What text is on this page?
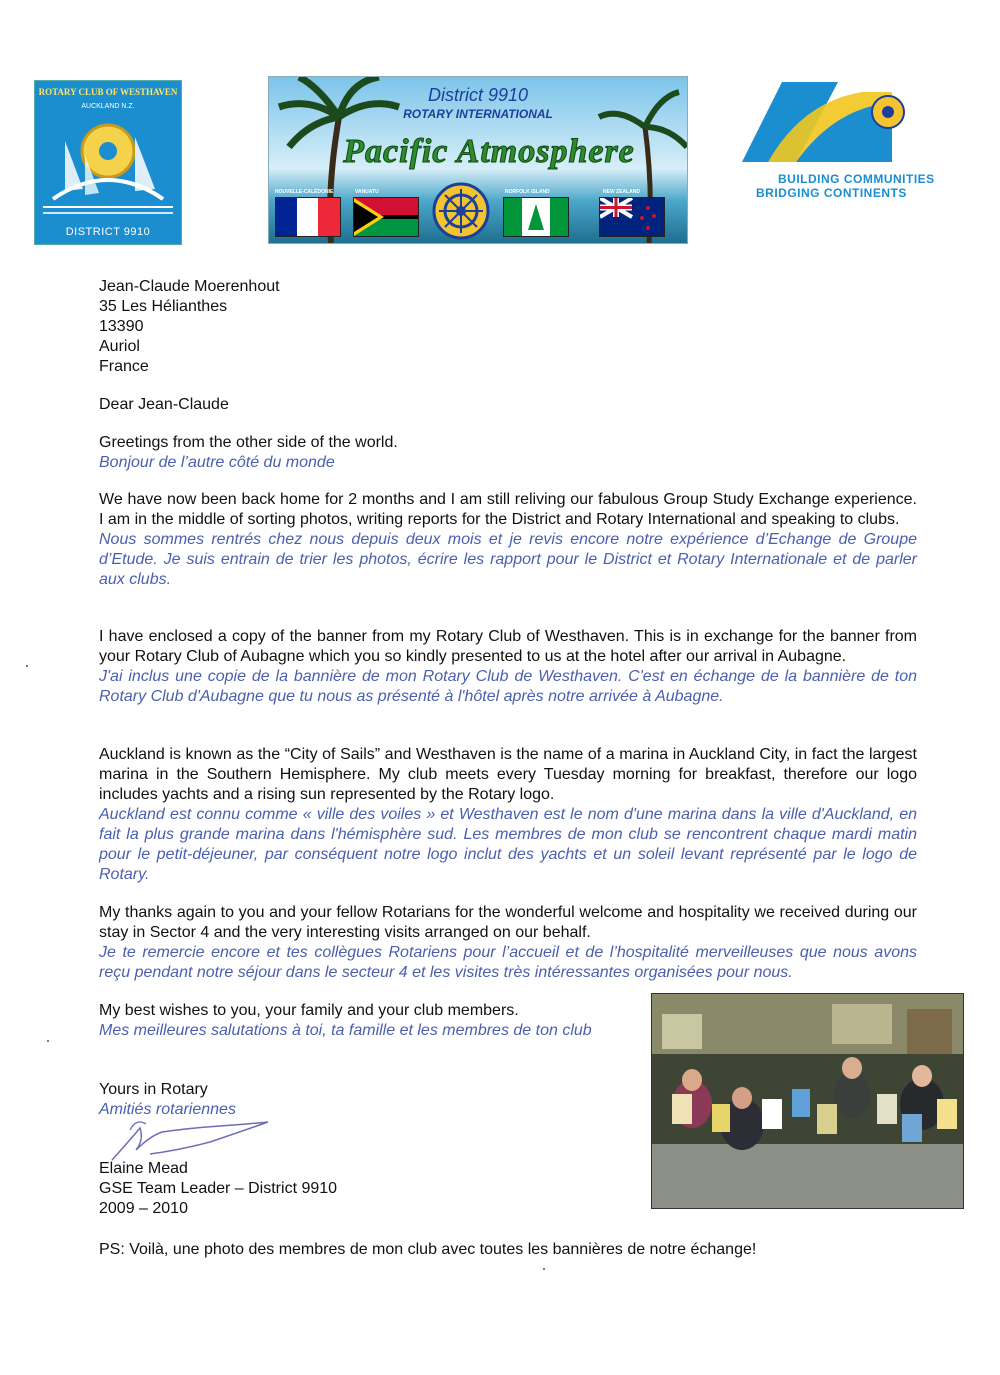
ROTARY CLUB OF WESTHAVEN
AUCKLAND N.Z.
DISTRICT 9910
District 9910
ROTARY INTERNATIONAL
Pacific Atmosphere
NOUVELLE-CALÉDONIE	VANUATU	NORFOLK ISLAND	NEW ZEALAND
BUILDING COMMUNITIES
BRIDGING CONTINENTS
Jean-Claude Moerenhout
35 Les Hélianthes
13390
Auriol
France
Dear Jean-Claude
Greetings from the other side of the world.
Bonjour de l’autre côté du monde
We have now been back home for 2 months and I am still reliving our fabulous Group Study Exchange experience. I am in the middle of sorting photos, writing reports for the District and Rotary International and speaking to clubs.
Nous sommes rentrés chez nous depuis deux mois et je revis encore notre expérience d’Echange de Groupe d’Etude. Je suis entrain de trier les photos, écrire les rapport pour le District et Rotary Internationale et de parler aux clubs.
I have enclosed a copy of the banner from my Rotary Club of Westhaven. This is in exchange for the banner from your Rotary Club of Aubagne which you so kindly presented to us at the hotel after our arrival in Aubagne.
J'ai inclus une copie de la bannière de mon Rotary Club de Westhaven. C'est en échange de la bannière de ton Rotary Club d'Aubagne que tu nous as présenté à l'hôtel après notre arrivée à Aubagne.
Auckland is known as the “City of Sails” and Westhaven is the name of a marina in Auckland City, in fact the largest marina in the Southern Hemisphere. My club meets every Tuesday morning for breakfast, therefore our logo includes yachts and a rising sun represented by the Rotary logo.
Auckland est connu comme « ville des voiles » et Westhaven est le nom d'une marina dans la ville d'Auckland, en fait la plus grande marina dans l'hémisphère sud. Les membres de mon club se rencontrent chaque mardi matin pour le petit-déjeuner, par conséquent notre logo inclut des yachts et un soleil levant représenté par le logo de Rotary.
My thanks again to you and your fellow Rotarians for the wonderful welcome and hospitality we received during our stay in Sector 4 and the very interesting visits arranged on our behalf.
Je te remercie encore et tes collègues Rotariens pour l’accueil et de l’hospitalité merveilleuses que nous avons reçu pendant notre séjour dans le secteur 4 et les visites très intéressantes organisées pour nous.
My best wishes to you, your family and your club members.
Mes meilleures salutations à toi, ta famille et les membres de ton club
Yours in Rotary
Amitiés rotariennes
Elaine Mead
GSE Team Leader – District 9910
2009 – 2010
PS: Voilà, une photo des membres de mon club avec toutes les bannières de notre échange!
